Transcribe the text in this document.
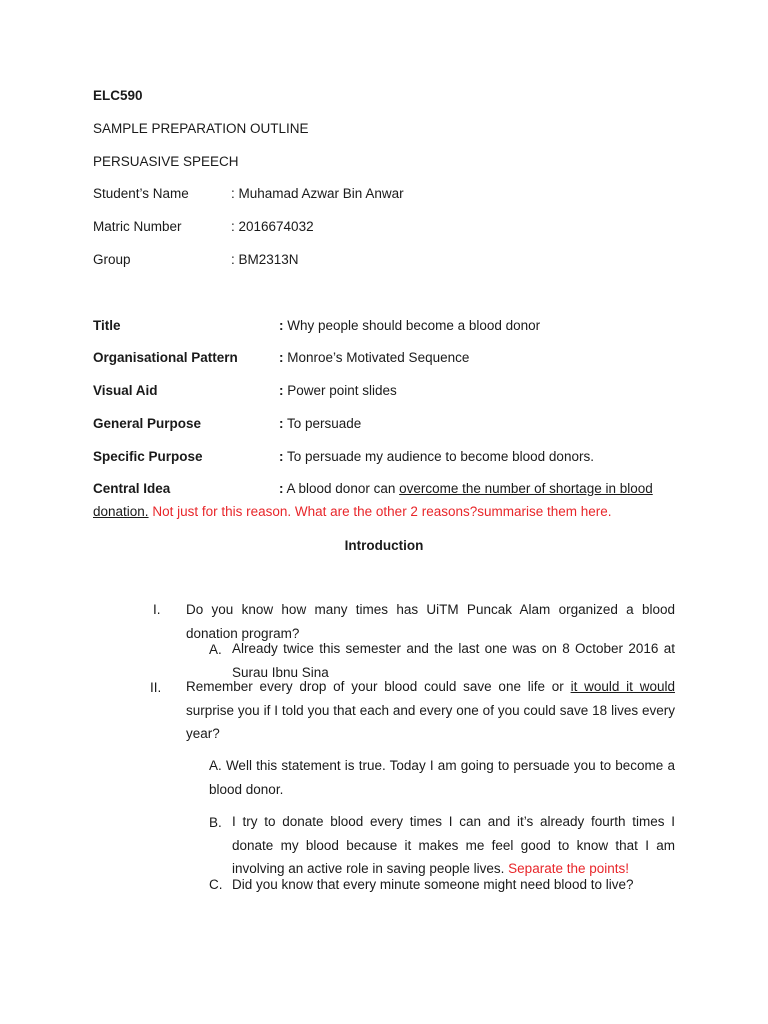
ELC590
SAMPLE PREPARATION OUTLINE
PERSUASIVE SPEECH
Student’s Name	: Muhamad Azwar Bin Anwar
Matric Number	: 2016674032
Group	: BM2313N
Title	: Why people should become a blood donor
Organisational Pattern	: Monroe’s Motivated Sequence
Visual Aid	: Power point slides
General Purpose	: To persuade
Specific Purpose	: To persuade my audience to become blood donors.
Central Idea	: A blood donor can overcome the number of shortage in blood
donation. Not just for this reason. What are the other 2 reasons?summarise them here.
Introduction
I. Do you know how many times has UiTM Puncak Alam organized a blood donation program?
A. Already twice this semester and the last one was on 8 October 2016 at Surau Ibnu Sina
II. Remember every drop of your blood could save one life or it would it would surprise you if I told you that each and every one of you could save 18 lives every year?
A. Well this statement is true. Today I am going to persuade you to become a blood donor.
B. I try to donate blood every times I can and it’s already fourth times I donate my blood because it makes me feel good to know that I am involving an active role in saving people lives. Separate the points!
C. Did you know that every minute someone might need blood to live?
